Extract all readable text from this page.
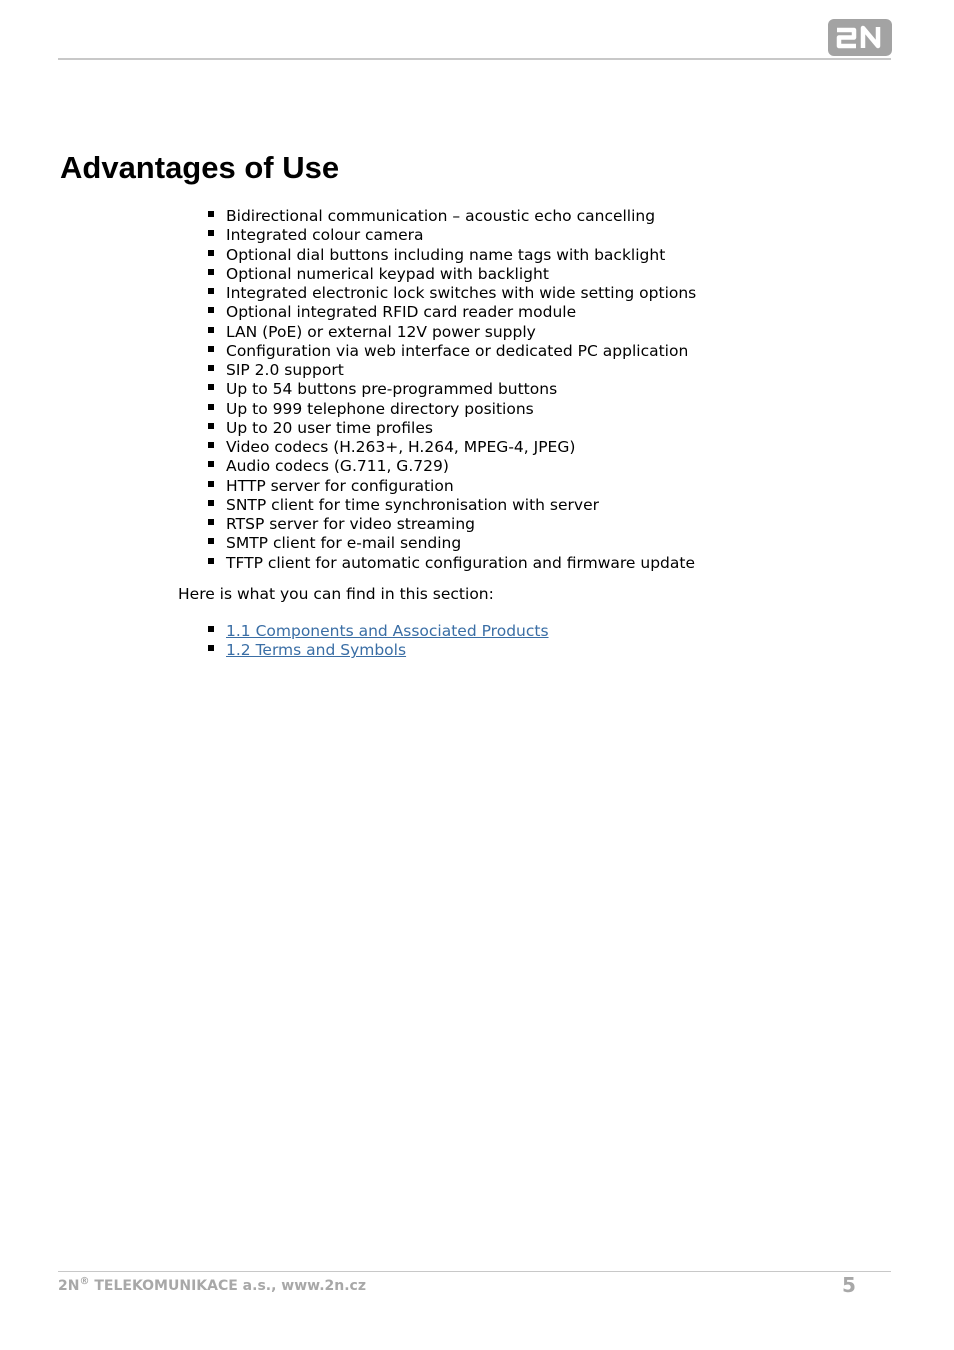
Advantages of Use
Bidirectional communication – acoustic echo cancelling
Integrated colour camera
Optional dial buttons including name tags with backlight
Optional numerical keypad with backlight
Integrated electronic lock switches with wide setting options
Optional integrated RFID card reader module
LAN (PoE) or external 12V power supply
Configuration via web interface or dedicated PC application
SIP 2.0 support
Up to 54 buttons pre-programmed buttons
Up to 999 telephone directory positions
Up to 20 user time profiles
Video codecs (H.263+, H.264, MPEG-4, JPEG)
Audio codecs (G.711, G.729)
HTTP server for configuration
SNTP client for time synchronisation with server
RTSP server for video streaming
SMTP client for e-mail sending
TFTP client for automatic configuration and firmware update

Here is what you can find in this section:

1.1 Components and Associated Products
1.2 Terms and Symbols
2N® TELEKOMUNIKACE a.s., www.2n.cz	5
